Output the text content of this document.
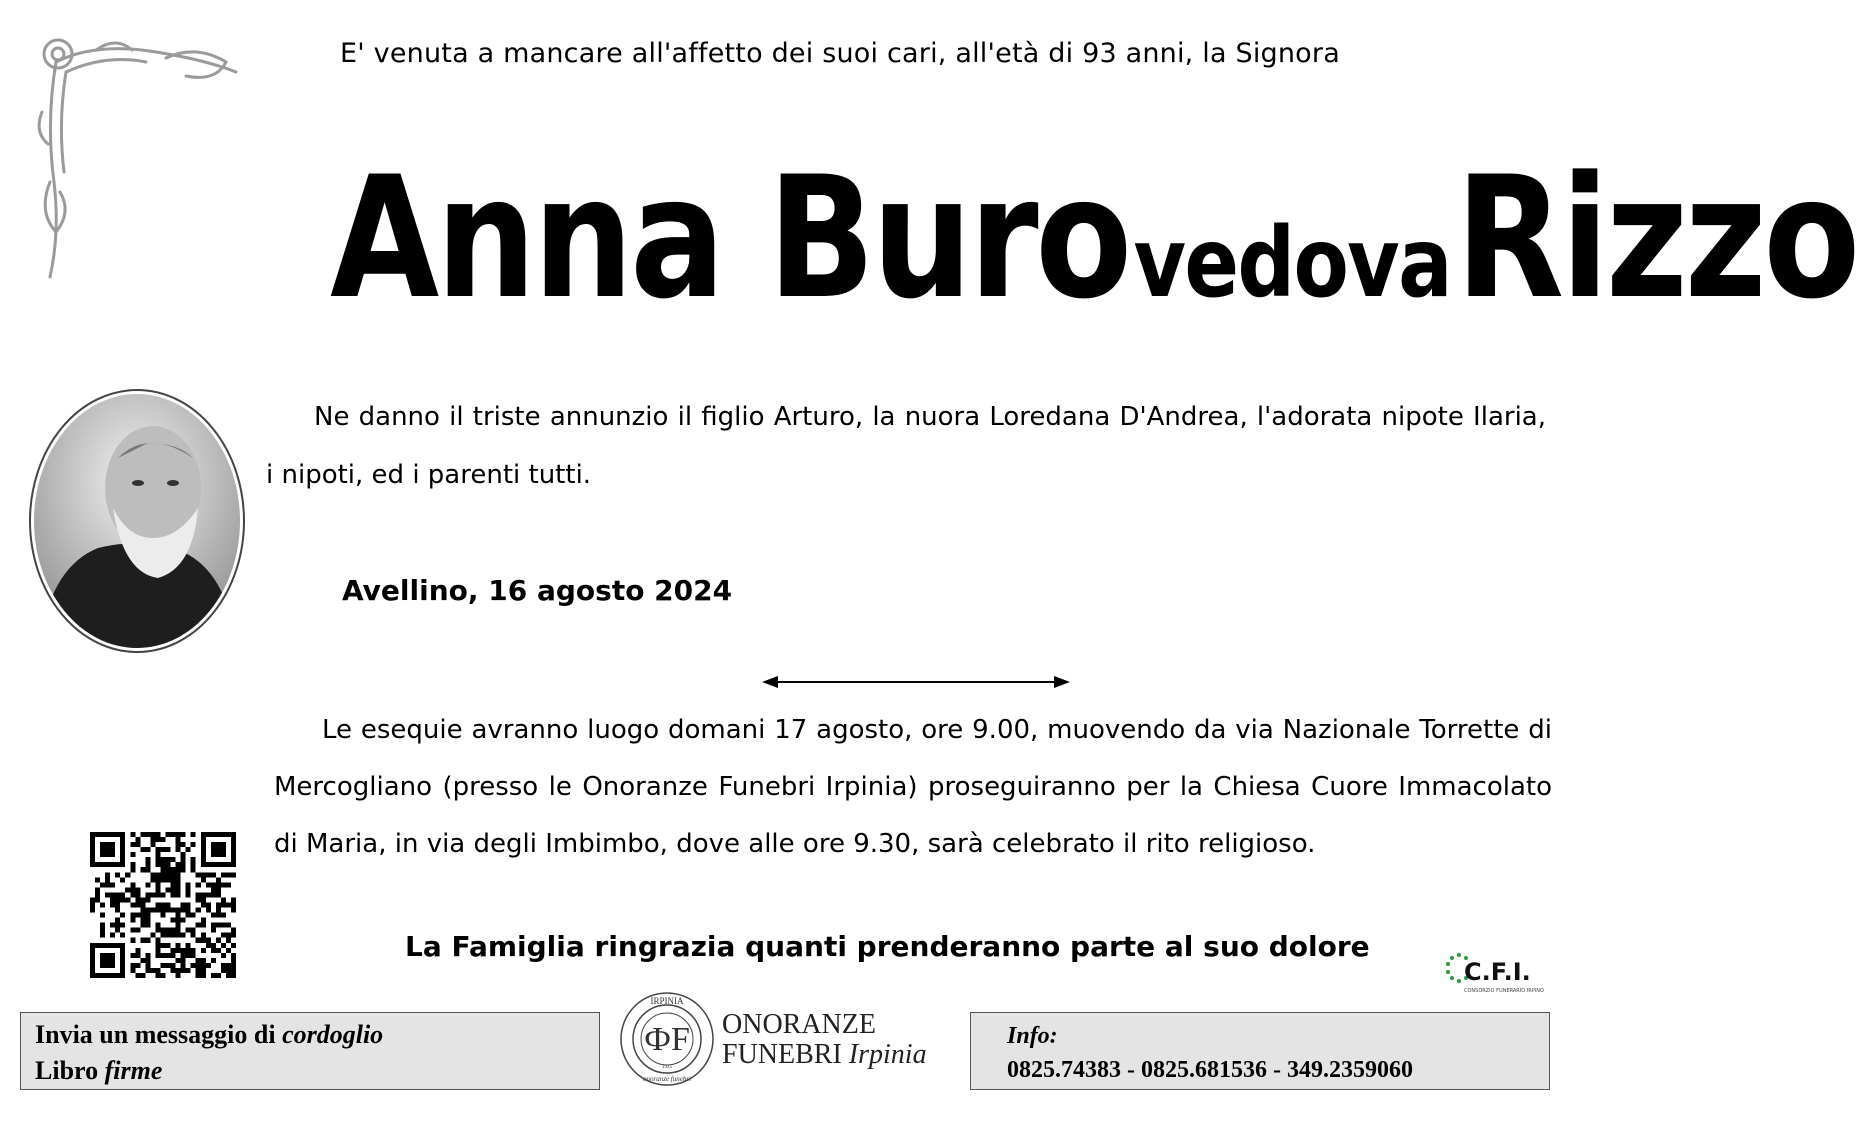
E' venuta a mancare all'affetto dei suoi cari, all'età di 93 anni, la Signora
Anna Buro vedova Rizzo
Ne danno il triste annunzio il figlio Arturo, la nuora Loredana D'Andrea, l'adorata nipote Ilaria, i nipoti, ed i parenti tutti.
Avellino, 16 agosto 2024
Le esequie avranno luogo domani 17 agosto, ore 9.00, muovendo da via Nazionale Torrette di Mercogliano (presso le Onoranze Funebri Irpinia) proseguiranno per la Chiesa Cuore Immacolato di Maria, in via degli Imbimbo, dove alle ore 9.30, sarà celebrato il rito religioso.
La Famiglia ringrazia quanti prenderanno parte al suo dolore
C.F.I.
CONSORZIO FUNERARIO IRPINO
Invia un messaggio di cordoglio
Libro firme
IRPINIA
ФF
1925
onoranze funebri
ONORANZE
FUNEBRI Irpinia
Info:
0825.74383 - 0825.681536 - 349.2359060
